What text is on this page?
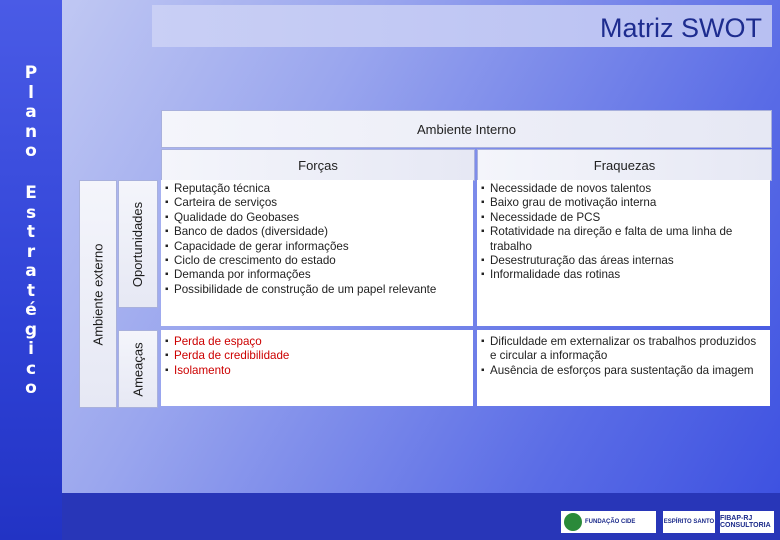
P
l
a
n
o
E
s
t
r
a
t
é
g
i
c
o
Matriz SWOT
Ambiente Interno
Forças	Fraquezas
Ambiente externo Oportunidades
Ameaças
▪ Reputação técnica
▪ Carteira de serviços
▪ Qualidade do Geobases
▪ Banco de dados (diversidade)
▪ Capacidade de gerar informações
▪ Ciclo de crescimento do estado
▪ Demanda por informações
▪ Possibilidade de construção de um papel relevante
▪ Necessidade de novos talentos
▪ Baixo grau de motivação interna
▪ Necessidade de PCS
▪ Rotatividade na direção e falta de uma linha de trabalho
▪ Desestruturação das áreas internas
▪ Informalidade das rotinas
▪ Perda de espaço
▪ Perda de credibilidade
▪ Isolamento
▪ Dificuldade em externalizar os trabalhos produzidos e circular a informação
▪ Ausência de esforços para sustentação da imagem
FUNDAÇÃO CIDE	ESPÍRITO SANTO FIBAP-RJ CONSULTORIA
